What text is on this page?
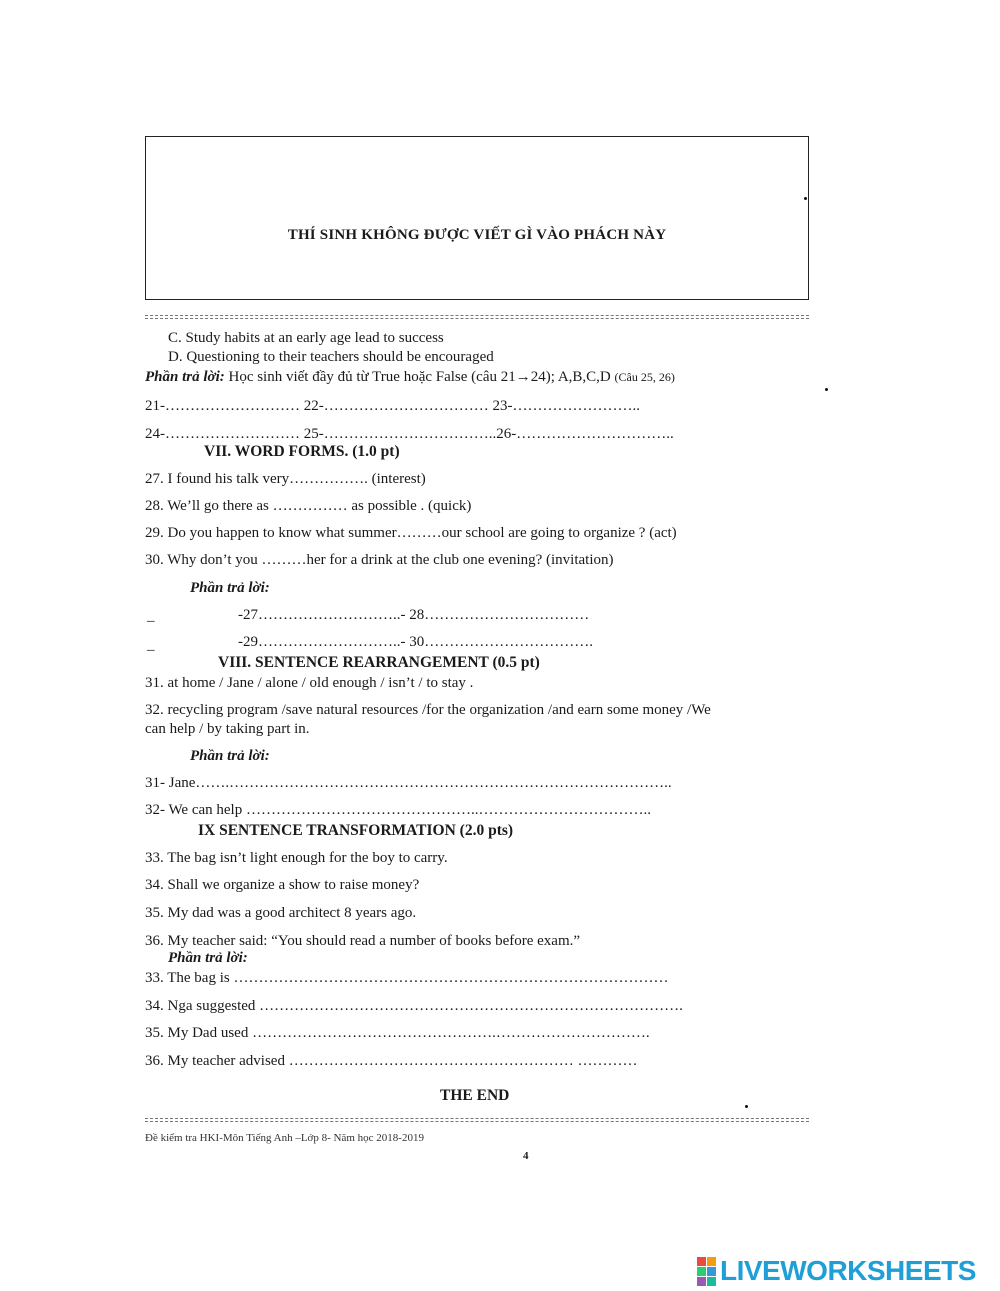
THÍ SINH KHÔNG ĐƯỢC VIẾT GÌ VÀO PHÁCH NÀY
C. Study habits at an early age lead to success
D. Questioning to their teachers should be encouraged
Phần trả lời: Học sinh viết đầy đủ từ True hoặc False (câu 21→24); A,B,C,D (Câu 25, 26)
21-……………………… 22-…………………………… 23-……………………..
24-……………………… 25-……………………………..26-…………………………..
VII. WORD FORMS. (1.0 pt)
27. I found his talk very……………. (interest)
28. We’ll go there as …………… as possible . (quick)
29. Do you happen to know what summer………our school are going to organize ? (act)
30. Why don’t you ………her for a drink at the club one evening? (invitation)
Phần trả lời:
_	-27………………………..- 28……………………………
_	-29………………………..- 30…………………………….
VIII. SENTENCE REARRANGEMENT (0.5 pt)
31. at home / Jane / alone / old enough / isn’t / to stay .
32. recycling program /save natural resources /for the organization /and earn some money /We
can help / by taking part in.
Phần trả lời:
31- Jane…….……………………………………………………………………………..
32- We can help ………………………………………..……………………………..
IX SENTENCE TRANSFORMATION (2.0 pts)
33. The bag isn’t light enough for the boy to carry.
34. Shall we organize a show to raise money?
35. My dad was a good architect 8 years ago.
36. My teacher said: “You should read a number of books before exam.”
Phần trả lời:
33. The bag is ……………………………………………………………………………
34. Nga suggested ………………………………………………………………………….
35. My Dad used ………………………………………….………………………….
36. My teacher advised ………………………………………………… …………
THE END
Đề kiểm tra HKI-Môn Tiếng Anh –Lớp 8- Năm học 2018-2019
4
LIVEWORKSHEETS
